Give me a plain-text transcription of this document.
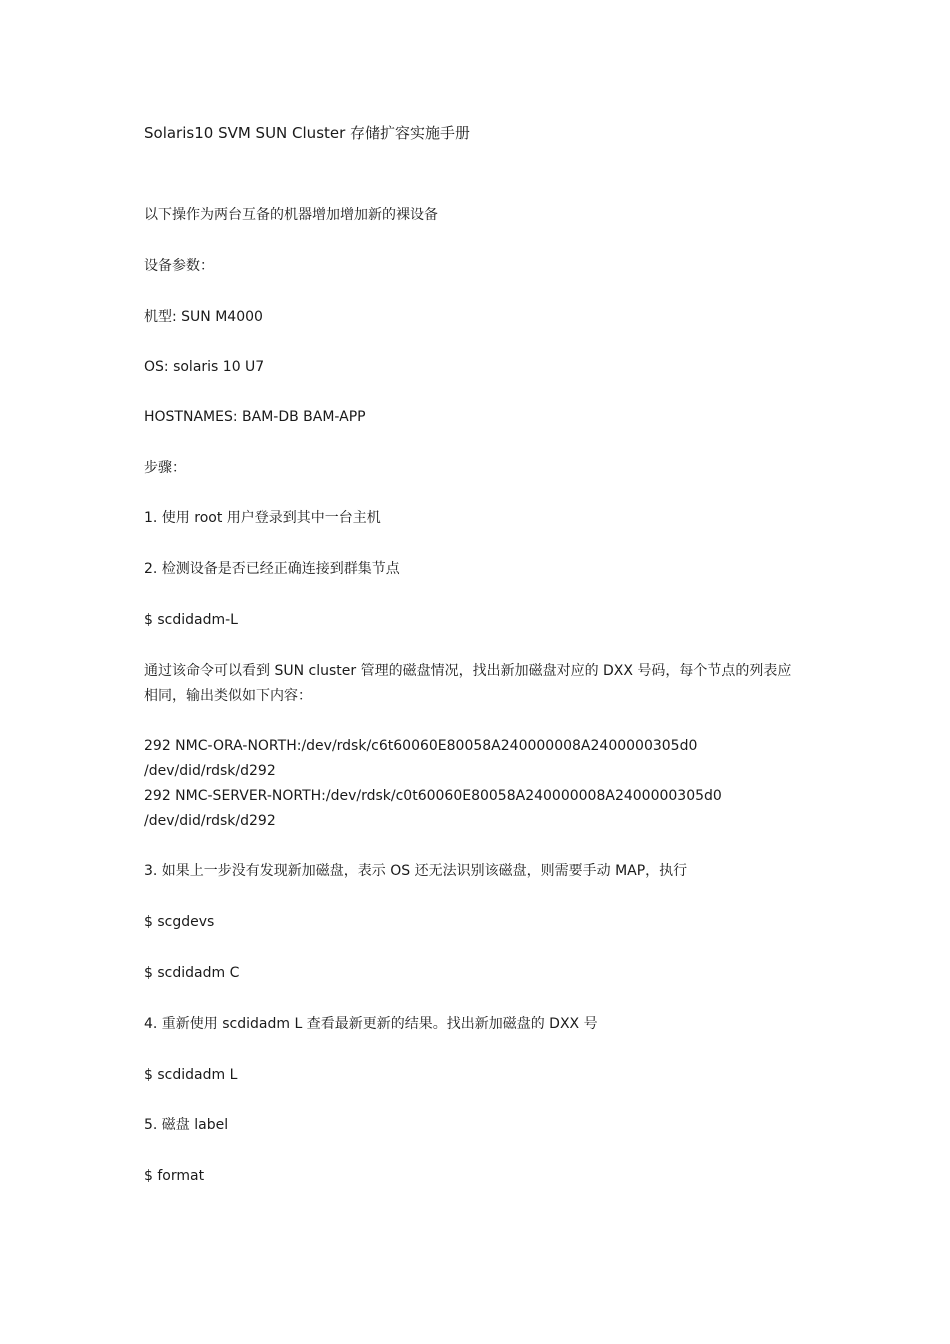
Solaris10 SVM SUN Cluster 存储扩容实施手册
以下操作为两台互备的机器增加增加新的裸设备
设备参数：
机型: SUN M4000
OS: solaris 10 U7
HOSTNAMES: BAM-DB BAM-APP
步骤：
1. 使用 root 用户登录到其中一台主机
2. 检测设备是否已经正确连接到群集节点
$ scdidadm-L
通过该命令可以看到 SUN cluster 管理的磁盘情况，找出新加磁盘对应的 DXX 号码，每个节点的列表应
相同，输出类似如下内容：
292 NMC-ORA-NORTH:/dev/rdsk/c6t60060E80058A240000008A2400000305d0
/dev/did/rdsk/d292
292 NMC-SERVER-NORTH:/dev/rdsk/c0t60060E80058A240000008A2400000305d0
/dev/did/rdsk/d292
3. 如果上一步没有发现新加磁盘，表示 OS 还无法识别该磁盘，则需要手动 MAP，执行
$ scgdevs
$ scdidadm C
4. 重新使用 scdidadm L 查看最新更新的结果。找出新加磁盘的 DXX 号
$ scdidadm L
5. 磁盘 label
$ format
